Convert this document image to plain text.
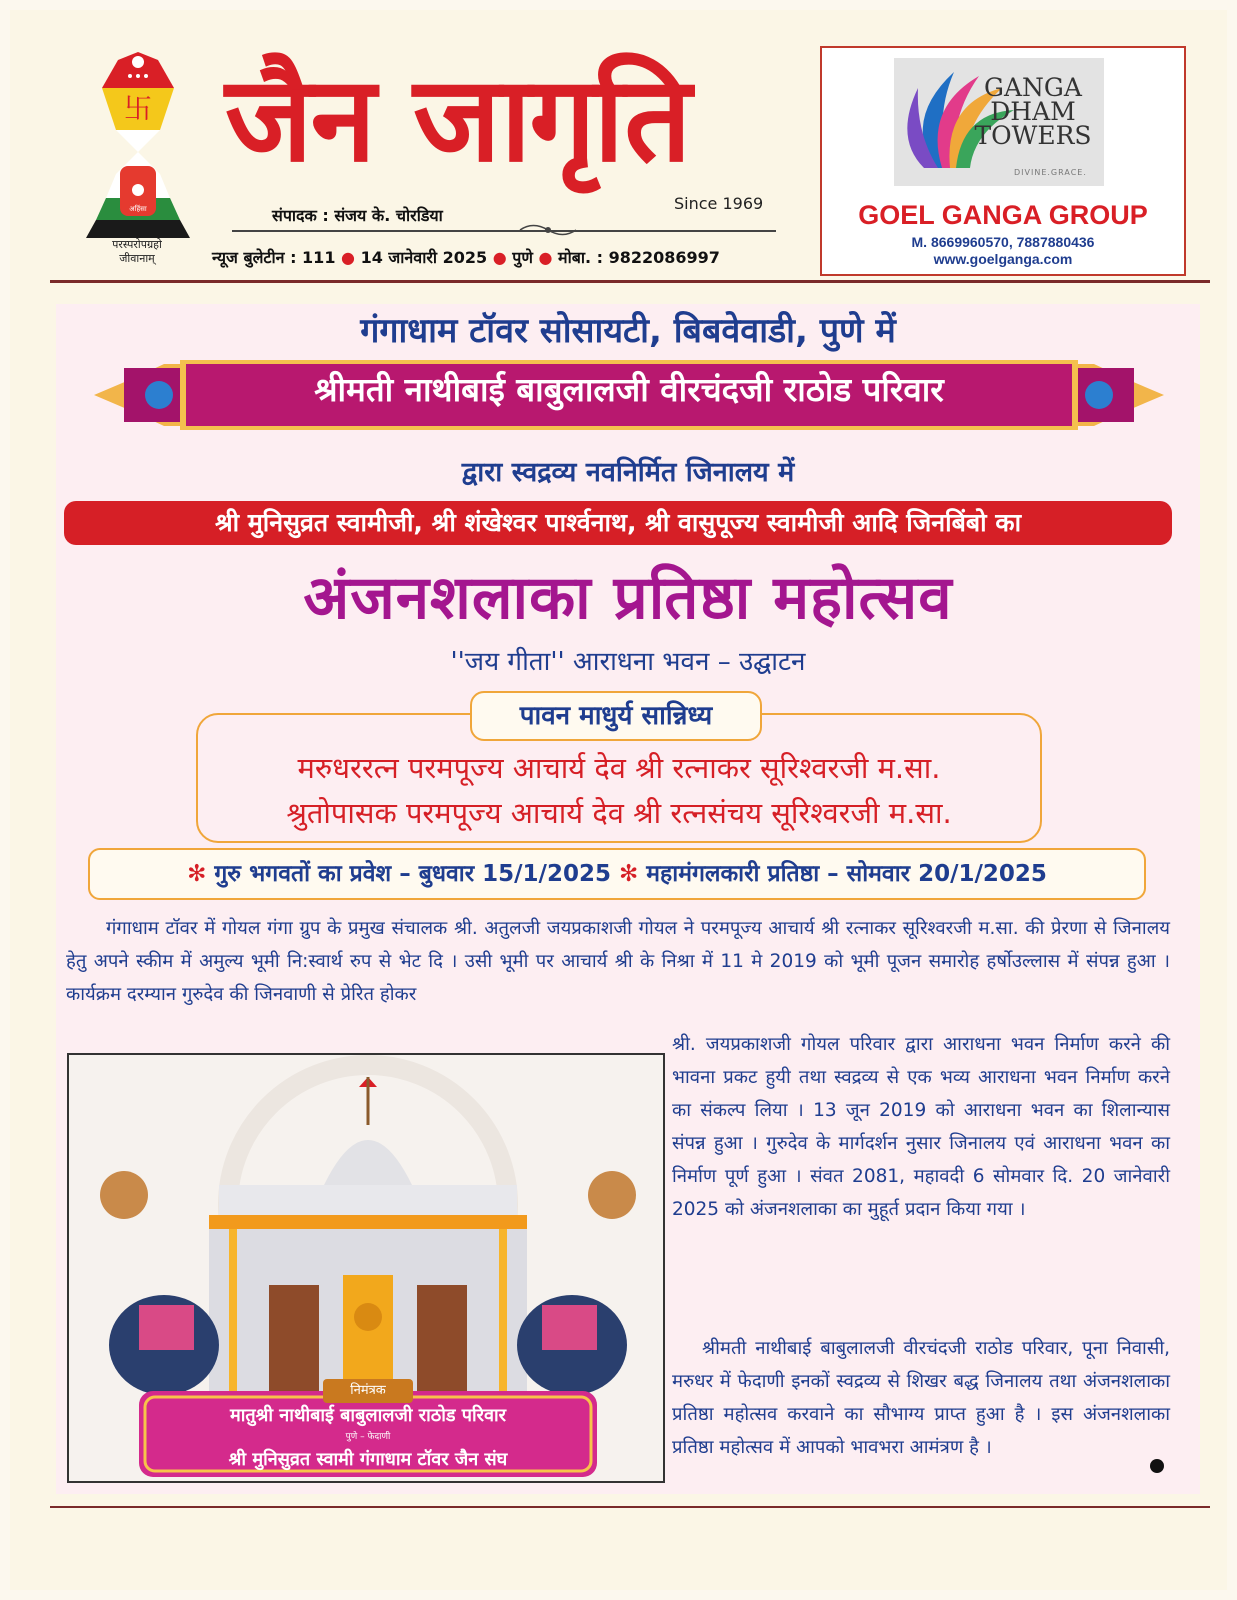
卐
अहिंसा
परस्परोपग्रहो
जीवानाम्
जैन जागृति
Since 1969
संपादक : संजय के. चोरडिया
न्यूज बुलेटीन : 111 ● 14 जानेवारी 2025 ● पुणे ● मोबा. : 9822086997
GANGA DHAM TOWERS
DIVINE.GRACE.
GOEL GANGA GROUP
M. 8669960570, 7887880436
www.goelganga.com
गंगाधाम टॉवर सोसायटी, बिबवेवाडी, पुणे में
श्रीमती नाथीबाई बाबुलालजी वीरचंदजी राठोड परिवार
द्वारा स्वद्रव्य नवनिर्मित जिनालय में
श्री मुनिसुव्रत स्वामीजी, श्री शंखेश्वर पार्श्वनाथ, श्री वासुपूज्य स्वामीजी आदि जिनबिंबो का
अंजनशलाका प्रतिष्ठा महोत्सव
''जय गीता'' आराधना भवन – उद्घाटन
पावन माधुर्य सान्निध्य
मरुधररत्न परमपूज्य आचार्य देव श्री रत्नाकर सूरिश्वरजी म.सा.
श्रुतोपासक परमपूज्य आचार्य देव श्री रत्नसंचय सूरिश्वरजी म.सा.
✻ गुरु भगवतों का प्रवेश – बुधवार 15/1/2025 ✻ महामंगलकारी प्रतिष्ठा – सोमवार 20/1/2025

गंगाधाम टॉवर में गोयल गंगा ग्रुप के प्रमुख संचालक श्री. अतुलजी जयप्रकाशजी गोयल ने परमपूज्य आचार्य श्री रत्नाकर सूरिश्वरजी म.सा. की प्रेरणा से जिनालय हेतु अपने स्कीम में अमुल्य भूमी नि:स्वार्थ रुप से भेट दि । उसी भूमी पर आचार्य श्री के निश्रा में 11 मे 2019 को भूमी पूजन समारोह हर्षोउल्लास में संपन्न हुआ । कार्यक्रम दरम्यान गुरुदेव की जिनवाणी से प्रेरित होकर

श्री. जयप्रकाशजी गोयल परिवार द्वारा आराधना भवन निर्माण करने की भावना प्रकट हुयी तथा स्वद्रव्य से एक भव्य आराधना भवन निर्माण करने का संकल्प लिया । 13 जून 2019 को आराधना भवन का शिलान्यास संपन्न हुआ । गुरुदेव के मार्गदर्शन नुसार जिनालय एवं आराधना भवन का निर्माण पूर्ण हुआ । संवत 2081, महावदी 6 सोमवार दि. 20 जानेवारी 2025 को अंजनशलाका का मुहूर्त प्रदान किया गया ।

श्रीमती नाथीबाई बाबुलालजी वीरचंदजी राठोड परिवार, पूना निवासी, मरुधर में फेदाणी इनकों स्वद्रव्य से शिखर बद्ध जिनालय तथा अंजनशलाका प्रतिष्ठा महोत्सव करवाने का सौभाग्य प्राप्त हुआ है । इस अंजनशलाका प्रतिष्ठा महोत्सव में आपको भावभरा आमंत्रण है ।

निमंत्रक
मातुश्री नाथीबाई बाबुलालजी राठोड परिवार
पुणे – फेदाणी
श्री मुनिसुव्रत स्वामी गंगाधाम टॉवर जैन संघ
